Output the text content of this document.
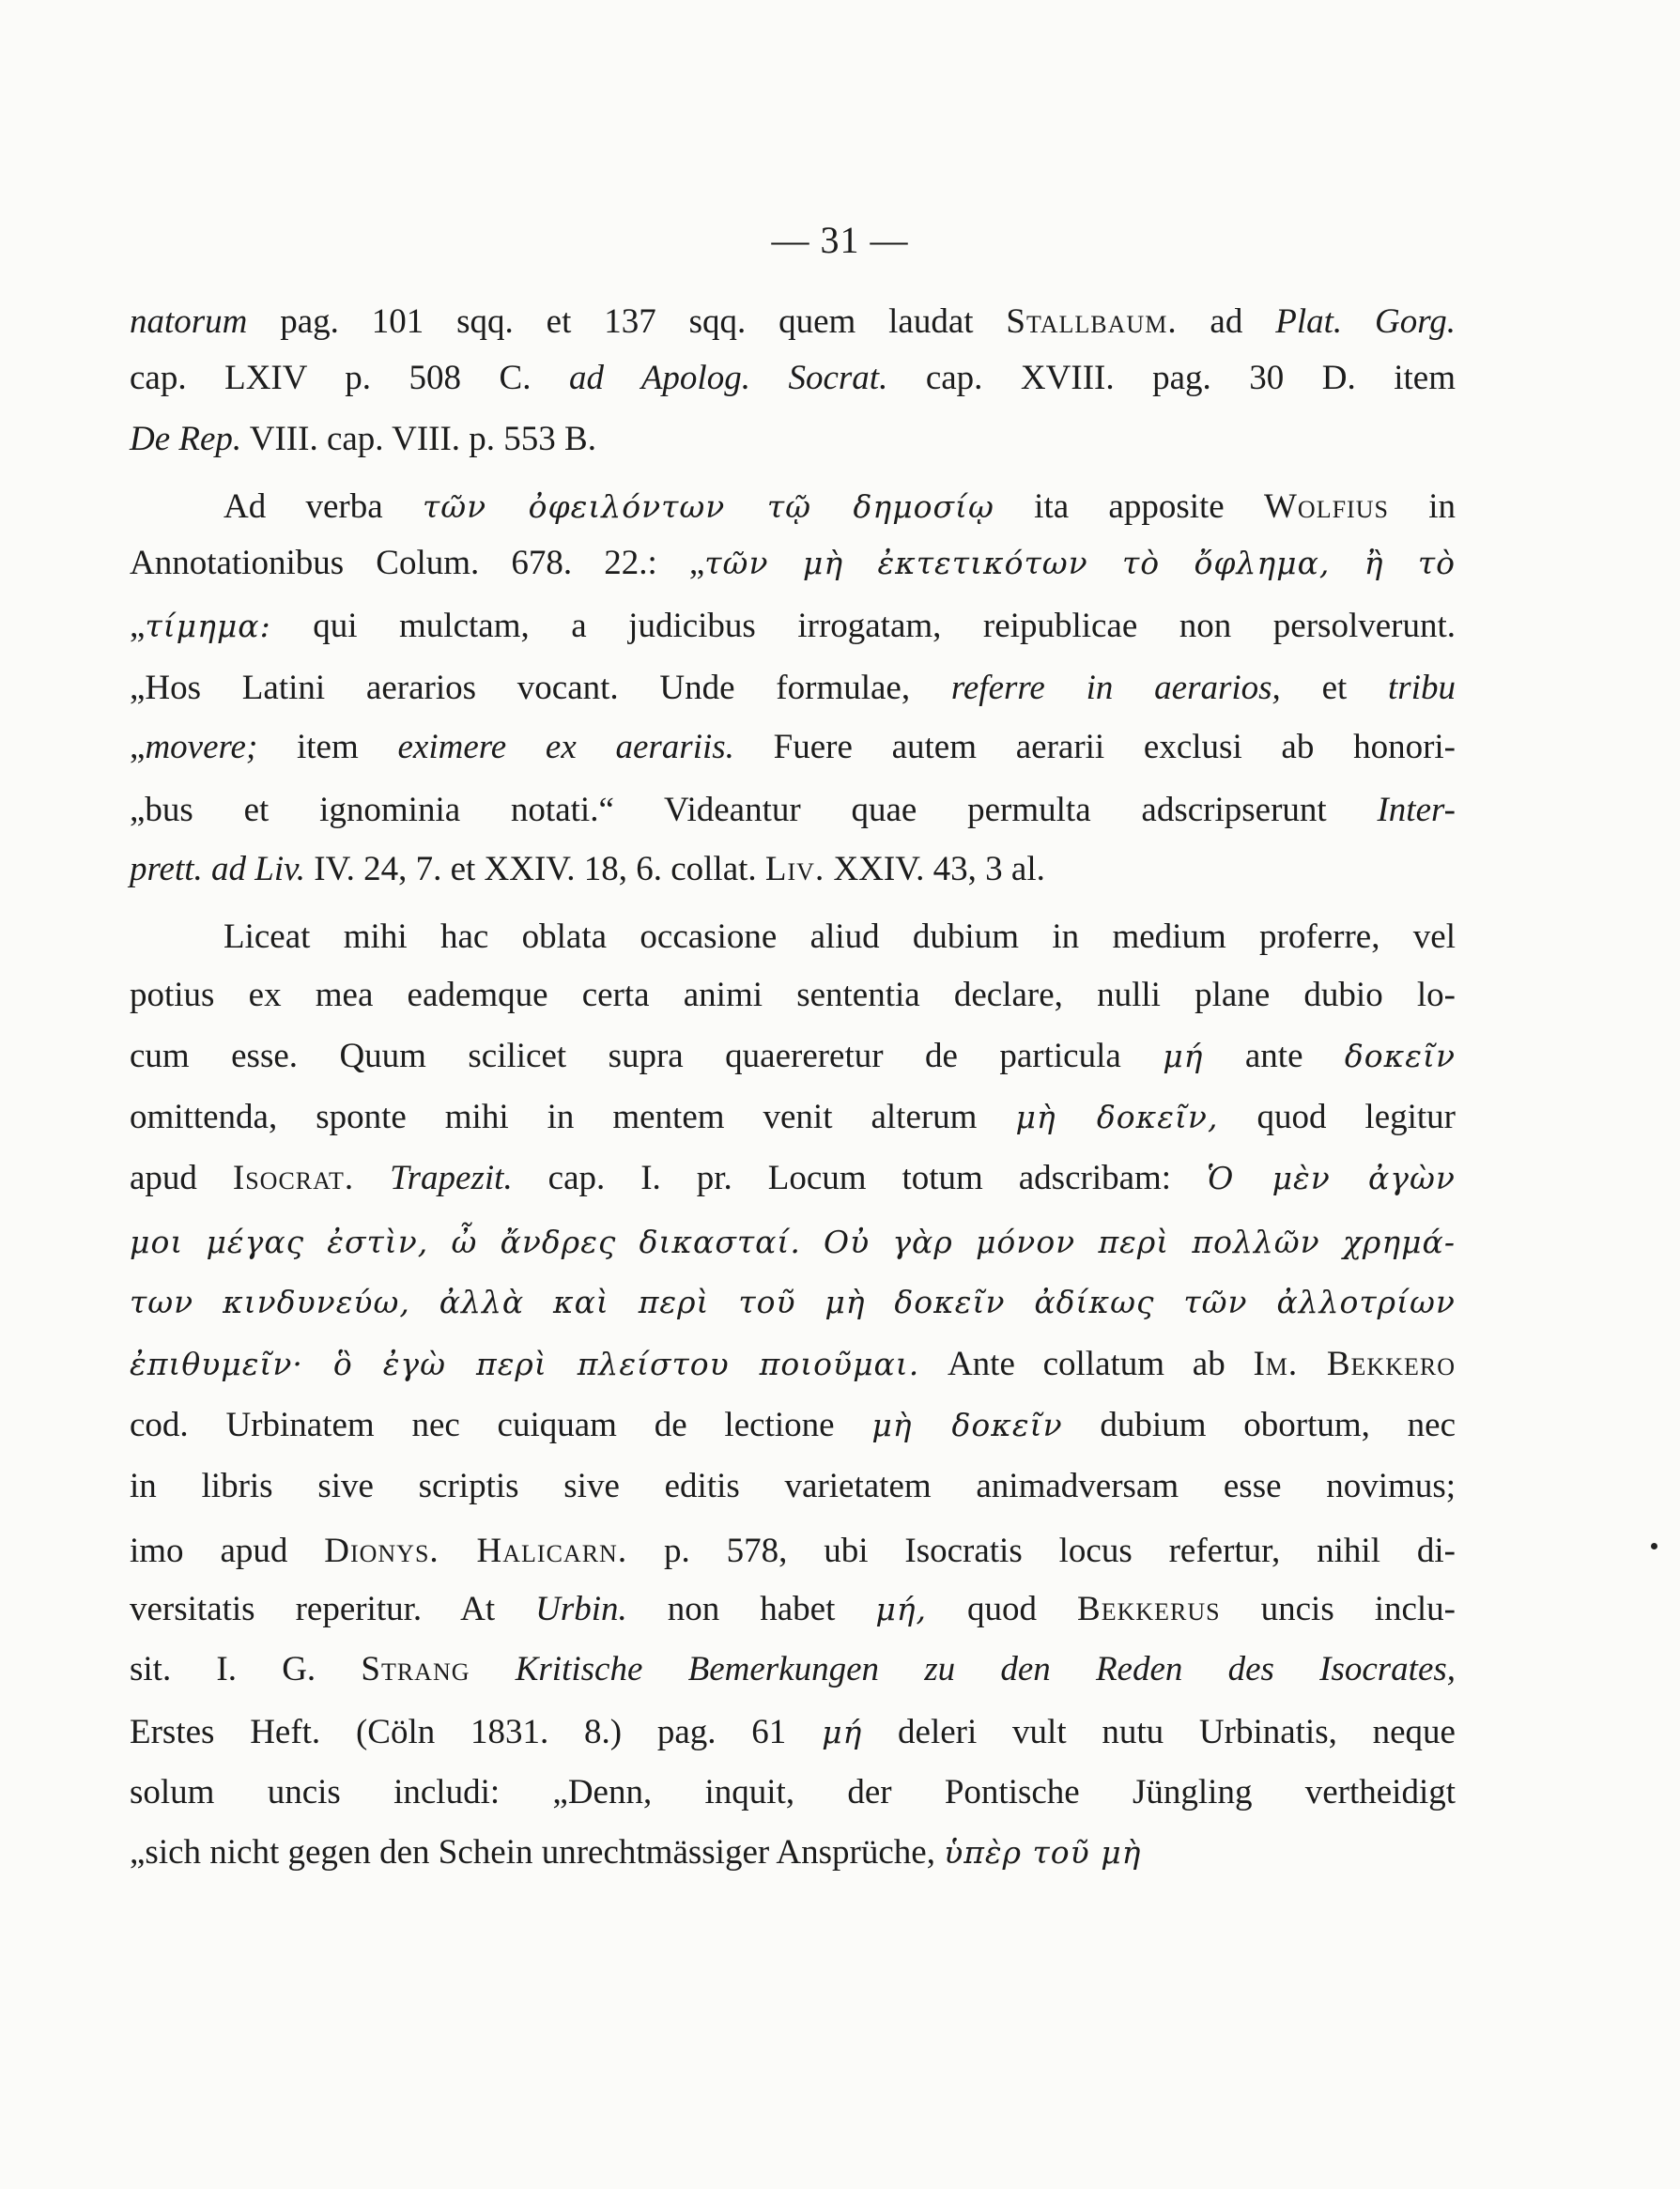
— 31 —
natorum pag. 101 sqq. et 137 sqq. quem laudat Stallbaum. ad Plat. Gorg.
cap. LXIV p. 508 C. ad Apolog. Socrat. cap. XVIII. pag. 30 D. item
De Rep. VIII. cap. VIII. p. 553 B.
Ad verba τῶν ὀφειλόντων τῷ δημοσίῳ ita apposite Wolfius in
Annotationibus Colum. 678. 22.: „τῶν μὴ ἐκτετικότων τὸ ὄφλημα, ἢ τὸ
„τίμημα: qui mulctam, a judicibus irrogatam, reipublicae non persolverunt.
„Hos Latini aerarios vocant. Unde formulae, referre in aerarios, et tribu
„movere; item eximere ex aerariis. Fuere autem aerarii exclusi ab honori-
„bus et ignominia notati.“ Videantur quae permulta adscripserunt Inter-
prett. ad Liv. IV. 24, 7. et XXIV. 18, 6. collat. Liv. XXIV. 43, 3 al.
Liceat mihi hac oblata occasione aliud dubium in medium proferre, vel
potius ex mea eademque certa animi sententia declare, nulli plane dubio lo-
cum esse. Quum scilicet supra quaereretur de particula μή ante δοκεῖν
omittenda, sponte mihi in mentem venit alterum μὴ δοκεῖν, quod legitur
apud Isocrat. Trapezit. cap. I. pr. Locum totum adscribam: Ὁ μὲν ἀγὼν
μοι μέγας ἐστὶν, ὦ ἄνδρες δικασταί. Οὐ γὰρ μόνον περὶ πολλῶν χρημά-
των κινδυνεύω, ἀλλὰ καὶ περὶ τοῦ μὴ δοκεῖν ἀδίκως τῶν ἀλλοτρίων
ἐπιθυμεῖν· ὃ ἐγὼ περὶ πλείστου ποιοῦμαι. Ante collatum ab Im. Bekkero
cod. Urbinatem nec cuiquam de lectione μὴ δοκεῖν dubium obortum, nec
in libris sive scriptis sive editis varietatem animadversam esse novimus;
imo apud Dionys. Halicarn. p. 578, ubi Isocratis locus refertur, nihil di-
versitatis reperitur. At Urbin. non habet μή, quod Bekkerus uncis inclu-
sit. I. G. Strang Kritische Bemerkungen zu den Reden des Isocrates,
Erstes Heft. (Cöln 1831. 8.) pag. 61 μή deleri vult nutu Urbinatis, neque
solum uncis includi: „Denn, inquit, der Pontische Jüngling vertheidigt
„sich nicht gegen den Schein unrechtmässiger Ansprüche, ὑπὲρ τοῦ μὴ
